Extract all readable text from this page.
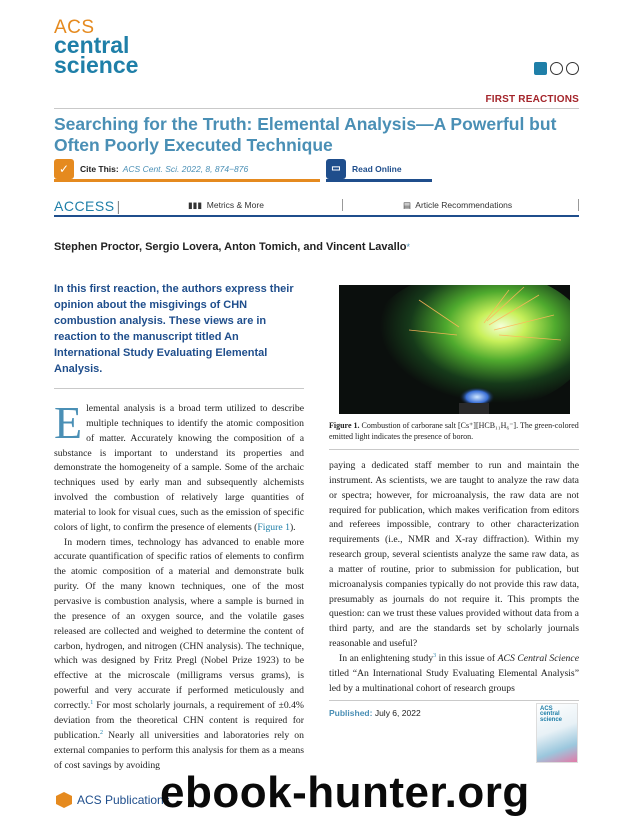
ACS
central
science
FIRST REACTIONS
Searching for the Truth: Elemental Analysis—A Powerful but Often Poorly Executed Technique
✓	Cite This: ACS Cent. Sci. 2022, 8, 874−876	▭	Read Online
ACCESS |	▮▮▮ Metrics & More	▤ Article Recommendations
Stephen Proctor, Sergio Lovera, Anton Tomich, and Vincent Lavallo*
In this first reaction, the authors express their opinion about the misgivings of CHN combustion analysis. These views are in reaction to the manuscript titled An International Study Evaluating Elemental Analysis.

Elemental analysis is a broad term utilized to describe multiple techniques to identify the atomic composition of matter. Accurately knowing the composition of a substance is important to understand its properties and demonstrate the homogeneity of a sample. Some of the archaic techniques used by early man and subsequently alchemists involved the combustion of relatively large quantities of material to look for visual cues, such as the emission of specific colors of light, to confirm the presence of elements (Figure 1).

In modern times, technology has advanced to enable more accurate quantification of specific ratios of elements to confirm the atomic composition of a material and demonstrate bulk purity. Of the many known techniques, one of the most pervasive is combustion analysis, where a sample is burned in the presence of an oxygen source, and the volatile gases released are collected and weighed to determine the content of carbon, hydrogen, and nitrogen (CHN analysis). The technique, which was designed by Fritz Pregl (Nobel Prize 1923) to be effective at the microscale (milligrams versus grams), is powerful and very accurate if performed meticulously and correctly.$^1$ For most scholarly journals, a requirement of ±0.4% deviation from the theoretical CHN content is required for publication.$^2$ Nearly all universities and laboratories rely on external companies to perform this analysis for them as a means of cost savings by avoiding

Figure 1. Combustion of carborane salt [Cs⁺][HCB₁₁H₆⁻]. The green-colored emitted light indicates the presence of boron.

paying a dedicated staff member to run and maintain the instrument. As scientists, we are taught to analyze the raw data or spectra; however, for microanalysis, the raw data are not required for publication, which makes verification from editors and referees impossible, contrary to other characterization requirements (i.e., NMR and X-ray diffraction). Within my research group, several scientists analyze the same raw data, as a matter of routine, prior to submission for publication, but microanalysis companies typically do not provide this raw data, presumably as journals do not require it. This prompts the question: can we trust these values provided without data from a third party, and are the standards set by scholarly journals reasonable and useful?

In an enlightening study$^3$ in this issue of ACS Central Science titled “An International Study Evaluating Elemental Analysis” led by a multinational cohort of research groups

Published: July 6, 2022	ACS
central
science
ACS Publications
ebook-hunter.org
